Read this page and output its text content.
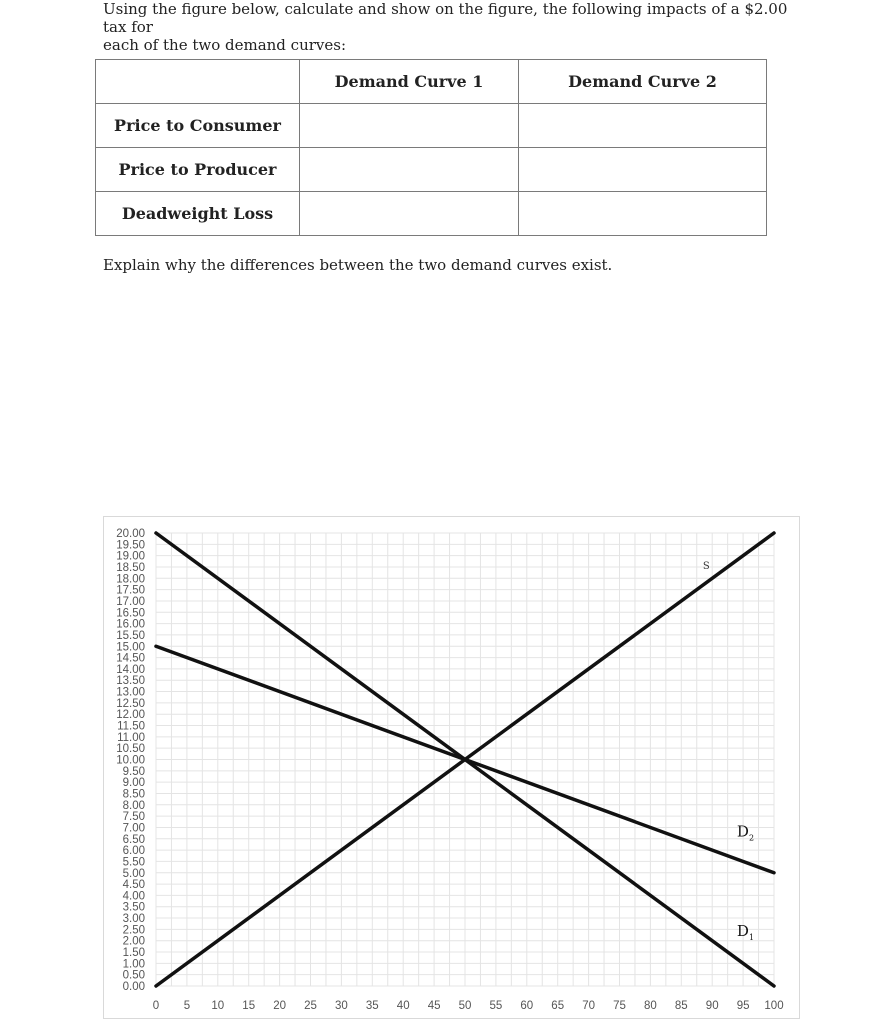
Using the figure below, calculate and show on the figure, the following impacts of a $2.00 tax for
each of the two demand curves:

	Demand Curve 1	Demand Curve 2
Price to Consumer		
Price to Producer		
Deadweight Loss		

Explain why the differences between the two demand curves exist.

20.00
19.50
19.00
18.50
18.00
17.50
17.00
16.50
16.00
15.50
15.00
14.50
14.00
13.50
13.00
12.50
12.00
11.50
11.00
10.50
10.00
9.50
9.00
8.50
8.00
7.50
7.00
6.50
6.00
5.50
5.00
4.50
4.00
3.50
3.00
2.50
2.00
1.50
1.00
0.50
0.00
0 5 10 15 20 25 30 35 40 45 50 55 60 65 70 75 80 85 90 95 100
S
$D_2$
$D_1$
